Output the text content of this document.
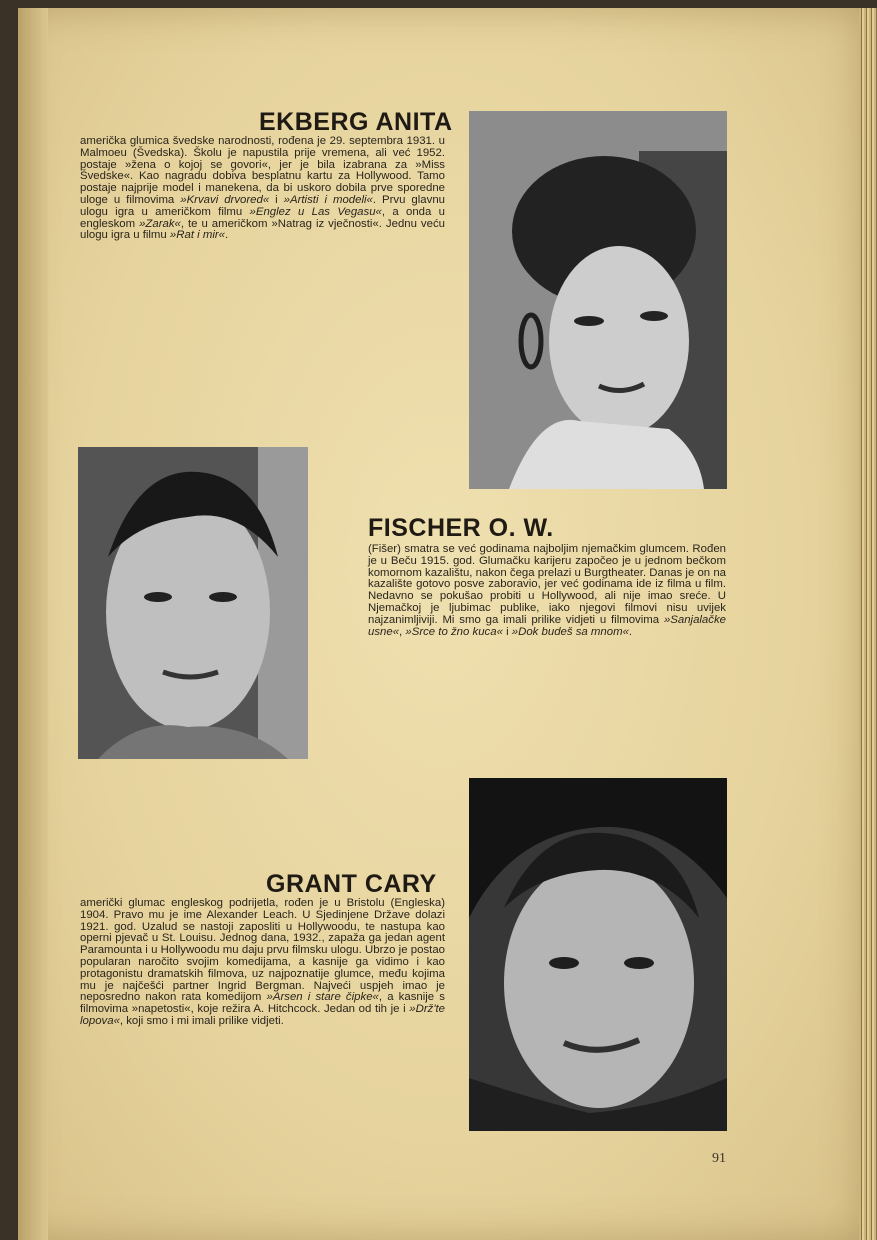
EKBERG ANITA

američka glumica švedske narodnosti, rođena je 29. septembra 1931. u Malmoeu (Švedska). Školu je napustila prije vremena, ali već 1952. postaje »žena o kojoj se govori«, jer je bila izabrana za »Miss Švedske«. Kao nagradu dobiva besplatnu kartu za Hollywood. Tamo postaje najprije model i manekena, da bi uskoro dobila prve sporedne uloge u filmovima »Krvavi drvored« i »Artisti i modeli«. Prvu glavnu ulogu igra u američkom filmu »Englez u Las Vegasu«, a onda u engleskom »Zarak«, te u američkom »Natrag iz vječnosti«. Jednu veću ulogu igra u filmu »Rat i mir«.

FISCHER O. W.

(Fišer) smatra se već godinama najboljim njemačkim glumcem. Rođen je u Beču 1915. god. Glumačku karijeru započeo je u jednom bečkom komornom kazalištu, nakon čega prelazi u Burgtheater. Danas je on na kazalište gotovo posve zaboravio, jer već godinama ide iz filma u film. Nedavno se pokušao probiti u Hollywood, ali nije imao sreće. U Njemačkoj je ljubimac publike, iako njegovi filmovi nisu uvijek najzanimljiviji. Mi smo ga imali prilike vidjeti u filmovima »Sanjalačke usne«, »Srce to žno kuca« i »Dok budeš sa mnom«.

GRANT CARY

američki glumac engleskog podrijetla, rođen je u Bristolu (Engleska) 1904. Pravo mu je ime Alexander Leach. U Sjedinjene Države dolazi 1921. god. Uzalud se nastoji zaposliti u Hollywoodu, te nastupa kao operni pjevač u St. Louisu. Jednog dana, 1932., zapaža ga jedan agent Paramounta i u Hollywoodu mu daju prvu filmsku ulogu. Ubrzo je postao popularan naročito svojim komedijama, a kasnije ga vidimo i kao protagonistu dramatskih filmova, uz najpoznatije glumce, među kojima mu je najčešći partner Ingrid Bergman. Najveći uspjeh imao je neposredno nakon rata komedijom »Arsen i stare čipke«, a kasnije s filmovima »napetosti«, koje režira A. Hitchcock. Jedan od tih je i »Drž'te lopova«, koji smo i mi imali prilike vidjeti.

91
